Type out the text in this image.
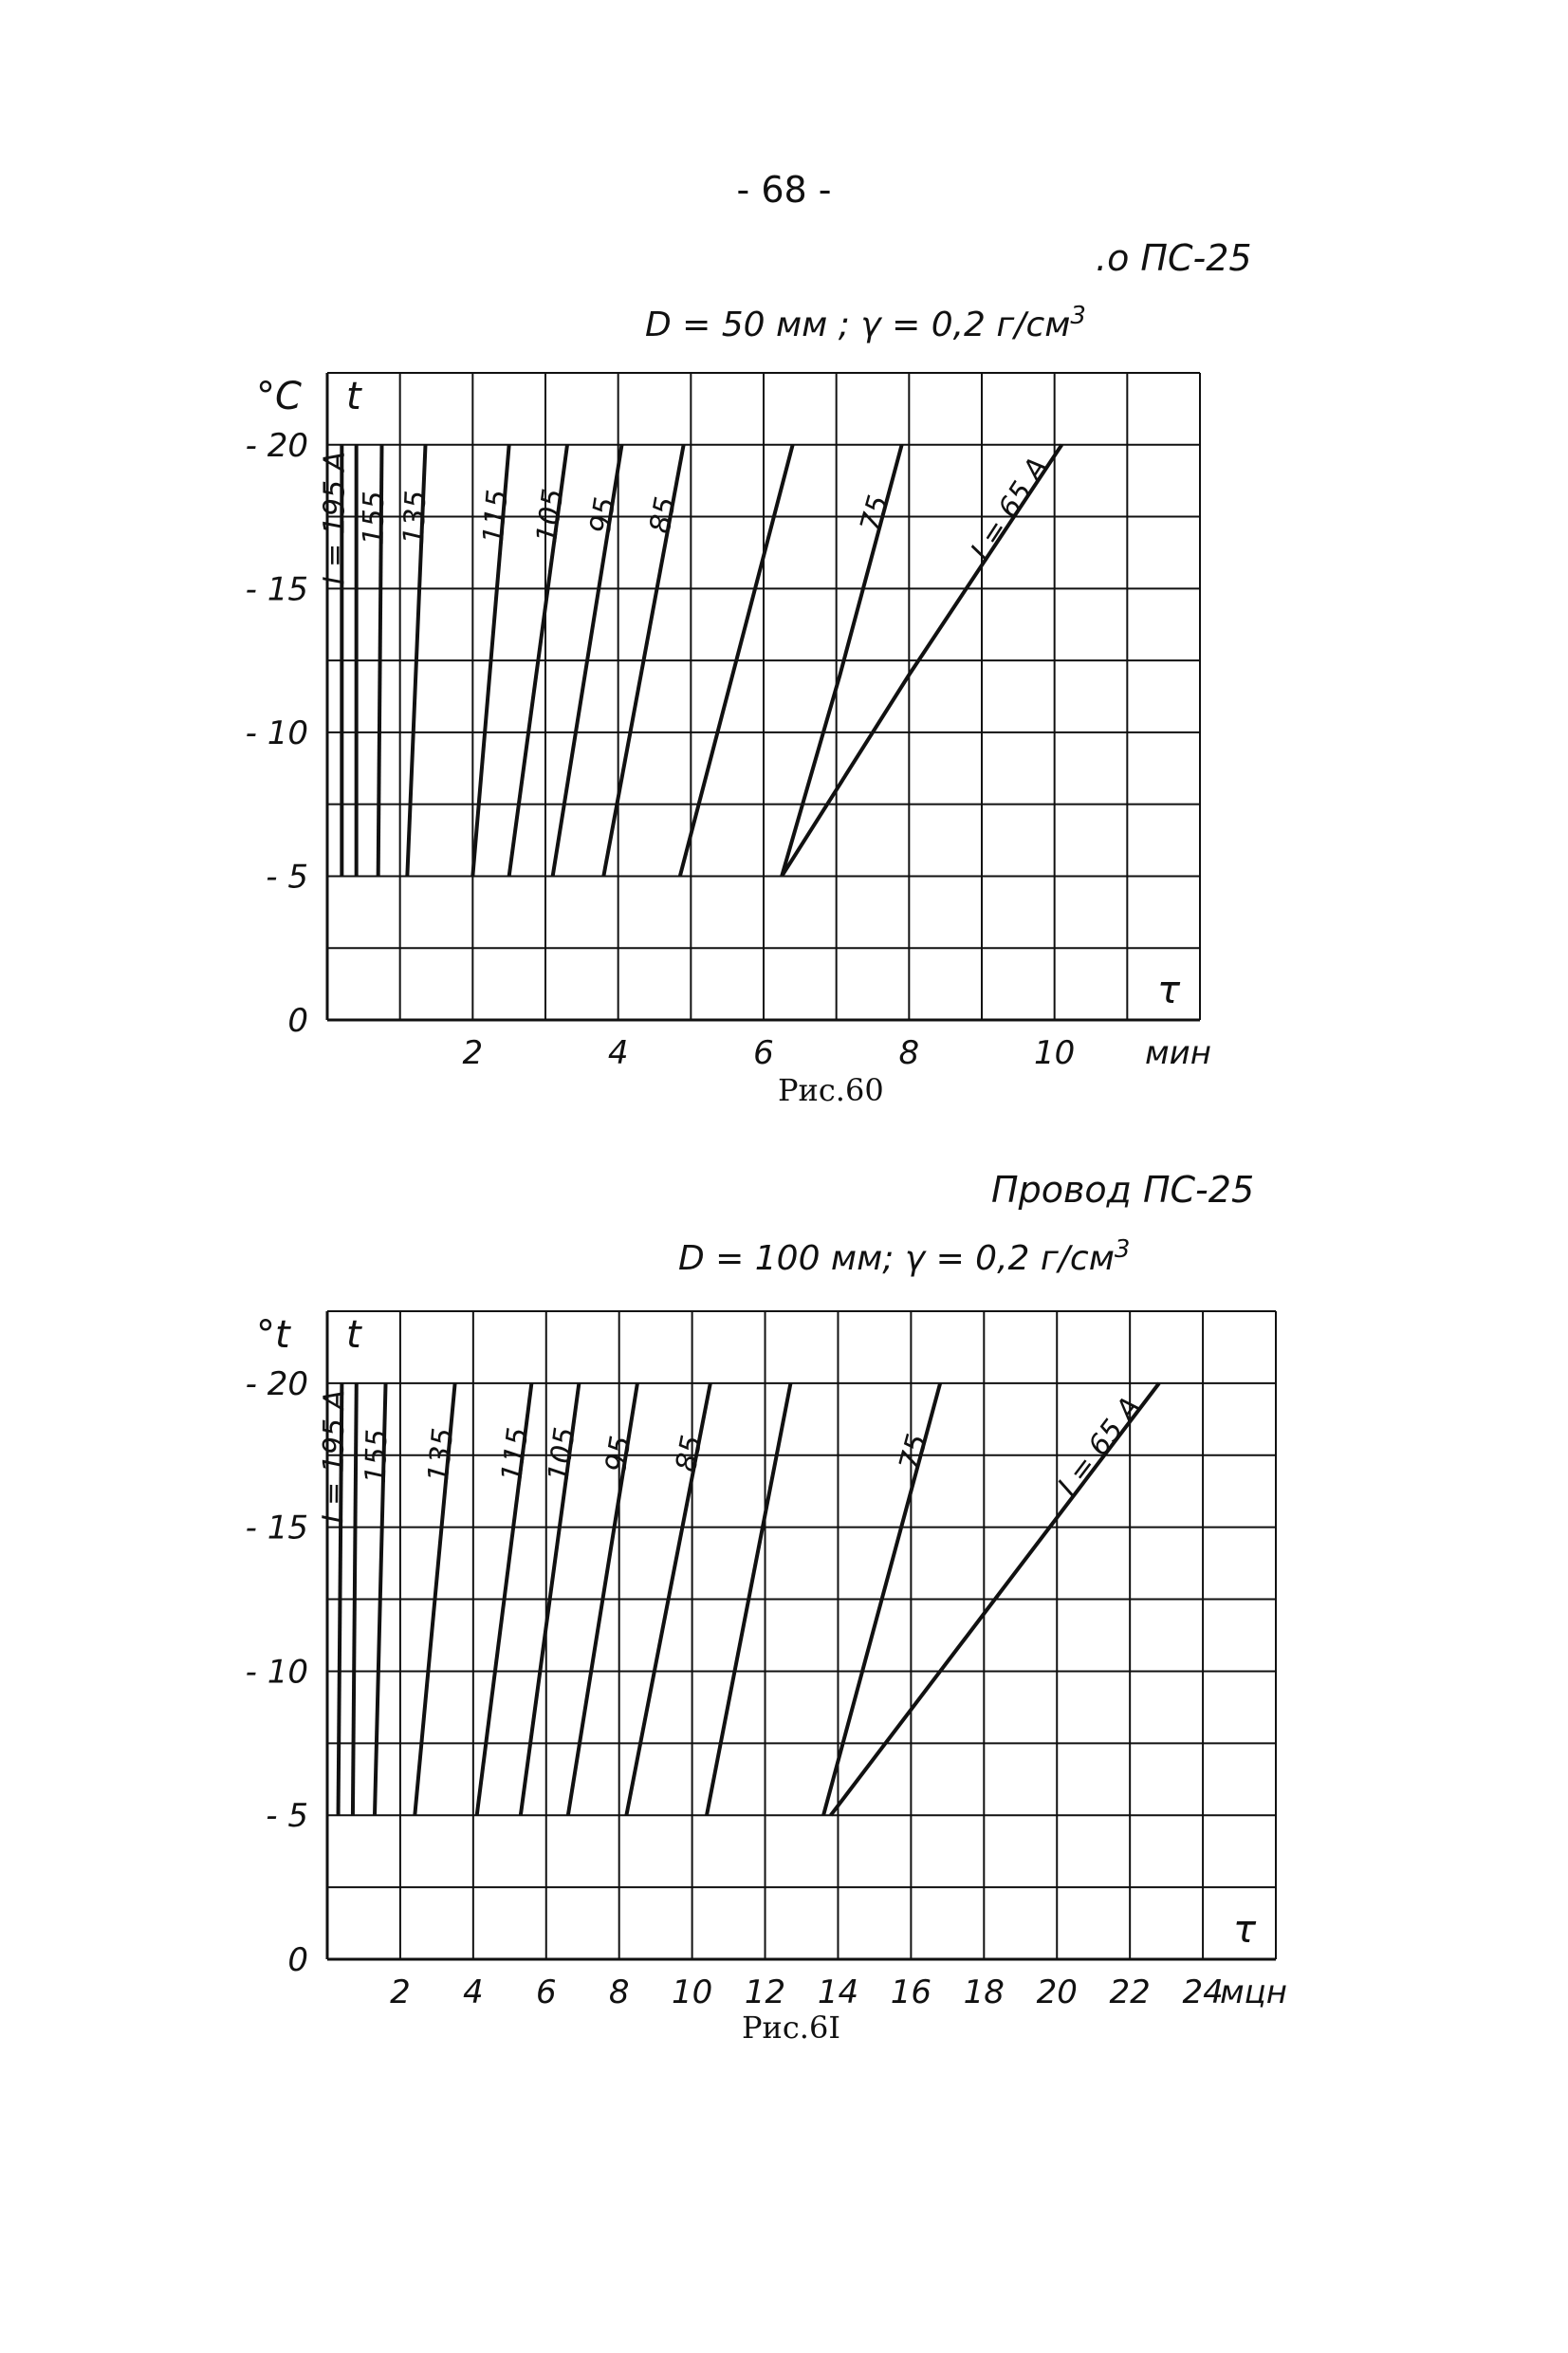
- 68 -
.о ПС-25
D = 50 мм ; γ = 0,2 $г/см^3$
0
- 5
- 10
- 15
- 20
2	4	6	8	10
°C t
τ
мин
I = 195 A 155 135 115 105 95 85	75 I = 65 A
0
- 5
- 10
- 15
- 20
2 4 6 8 10 12 14 16 18 20 22 24
°t t
τ
мцн
I = 195 A 155 135 115 105 95 85	75	I = 65 A
Рис.60
Провод ПС-25
D = 100 мм; γ = 0,2 $г/см^3$
Рис.6I
